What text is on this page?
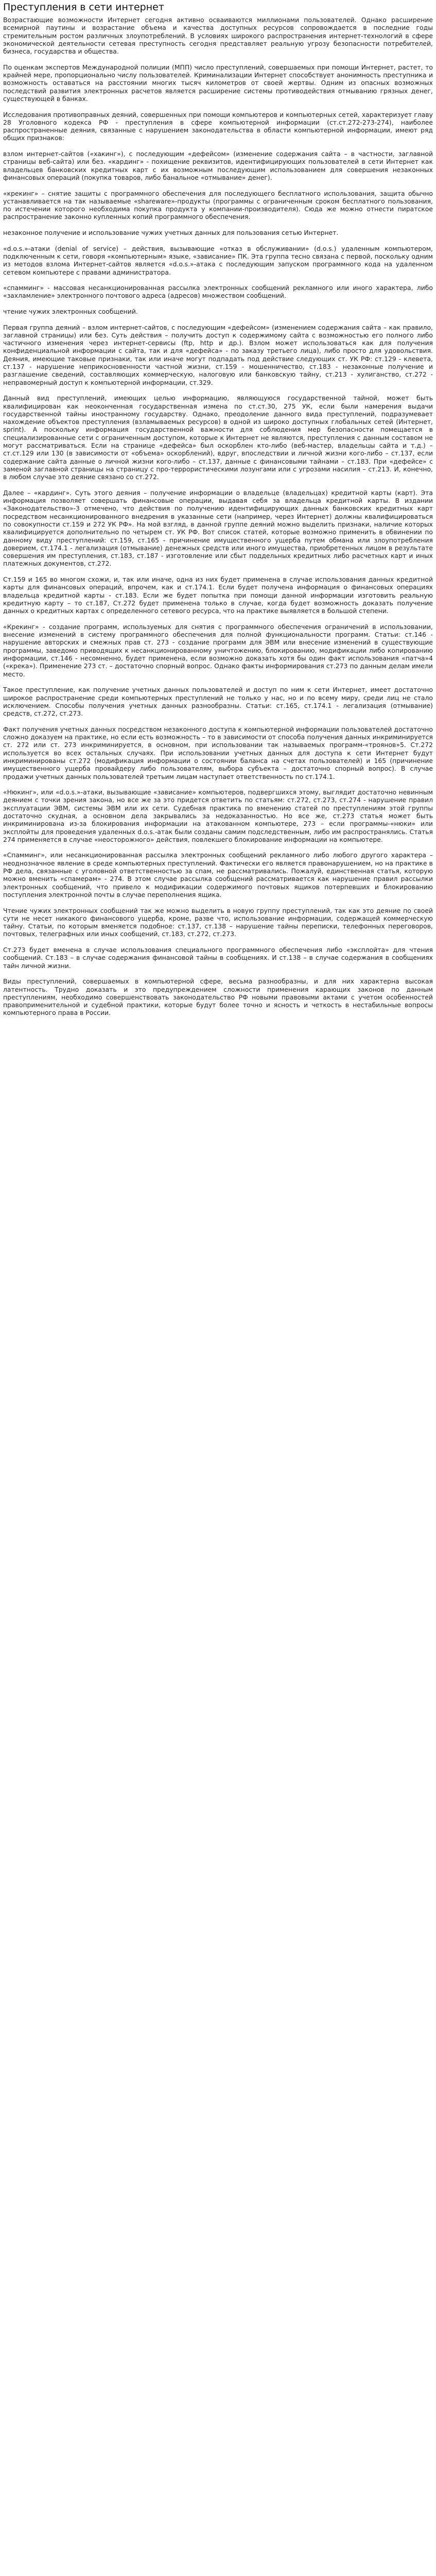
Преступления в сети интернет

Возрастающие возможности Интернет сегодня активно осваиваются миллионами пользователей. Однако расширение всемирной паутины и возрастание объема и качества доступных ресурсов сопровождается в последние годы стремительным ростом различных злоупотреблений. В условиях широкого распространения интернет-технологий в сфере экономической деятельности сетевая преступность сегодня представляет реальную угрозу безопасности потребителей, бизнеса, государства и общества.

По оценкам экспертов Международной полиции (МПП) число преступлений, совершаемых при помощи Интернет, растет, то крайней мере, пропорционально числу пользователей. Криминализации Интернет способствует анонимность преступника и возможность оставаться на расстоянии многих тысяч километров от своей жертвы. Одним из опасных возможных последствий развития электронных расчетов является расширение системы противодействия отмыванию грязных денег, существующей в банках.

Исследования противоправных деяний, совершенных при помощи компьютеров и компьютерных сетей, характеризует главу 28 Уголовного кодекса РФ - преступления в сфере компьютерной информации (ст.ст.272-273-274), наиболее распространенные деяния, связанные с нарушением законодательства в области компьютерной информации, имеют ряд общих признаков:

взлом интернет-сайтов («хакинг»), с последующим «дефейсом» (изменение содержания сайта – в частности, заглавной страницы веб-сайта) или без. «кардинг» - похищение реквизитов, идентифицирующих пользователей в сети Интернет как владельцев банковских кредитных карт с их возможным последующим использованием для совершения незаконных финансовых операций (покупка товаров, либо банальное «отмывание» денег).

«крекинг» – снятие защиты с программного обеспечения для последующего бесплатного использования, защита обычно устанавливается на так называемые «shareware»-продукты (программы с ограниченным сроком бесплатного пользования, по истечении которого необходима покупка продукта у компании-производителя). Сюда же можно отнести пиратское распространение законно купленных копий программного обеспечения.

незаконное получение и использование чужих учетных данных для пользования сетью Интернет.

«d.o.s.»-атаки (denial of service) – действия, вызывающие «отказ в обслуживании» (d.o.s.) удаленным компьютером, подключенным к сети, говоря «компьютерным» языке, «зависание» ПК. Эта группа тесно связана с первой, поскольку одним из методов взлома Интернет-сайтов является «d.o.s.»-атака с последующим запуском программного кода на удаленном сетевом компьютере с правами администратора.

«спамминг» - массовая несанкционированная рассылка электронных сообщений рекламного или иного характера, либо «захламление» электронного почтового адреса (адресов) множеством сообщений.

чтение чужих электронных сообщений.

Первая группа деяний – взлом интернет-сайтов, с последующим «дефейсом» (изменением содержания сайта – как правило, заглавной страницы) или без. Суть действия – получить доступ к содержимому сайта с возможностью его полного либо частичного изменения через интернет-сервисы (ftp, http и др.). Взлом может использоваться как для получения конфиденциальной информации с сайта, так и для «дефейса» - по заказу третьего лица), либо просто для удовольствия. Деяния, имеющие таковые признаки, так или иначе могут подпадать под действие следующих ст. УК РФ: ст.129 - клевета, ст.137 - нарушение неприкосновенности частной жизни, ст.159 - мошенничество, ст.183 - незаконные получение и разглашение сведений, составляющих коммерческую, налоговую или банковскую тайну, ст.213 - хулиганство, ст.272 - неправомерный доступ к компьютерной информации, ст.329.

Данный вид преступлений, имеющих целью информацию, являющуюся государственной тайной, может быть квалифицирован как неоконченная государственная измена по ст.ст.30, 275 УК, если были намерения выдачи государственной тайны иностранному государству. Однако, преодоление данного вида преступлений, подразумевает нахождение объектов преступления (взламываемых ресурсов) в одной из широко доступных глобальных сетей (Интернет, sprint). А поскольку информация государственной важности для соблюдения мер безопасности помещается в специализированные сети с ограниченным доступом, которые к Интернет не являются, преступления с данным составом не могут рассматриваться. Если на странице «дефейса» был оскорблен кто-либо (веб-мастер, владельцы сайта и т.д.) – ст.ст.129 или 130 (в зависимости от «объема» оскорблений), вдруг, впоследствии и личной жизни кого-либо – ст.137, если содержание сайта данные о личной жизни кого-либо – ст.137, данные с финансовыми тайнами – ст.183. При «дефейсе» с заменой заглавной страницы на страницу с про-террористическими лозунгами или с угрозами насилия – ст.213. И, конечно, в любом случае это деяние связано со ст.272.

Далее – «кардинг». Суть этого деяния – получение информации о владельце (владельцах) кредитной карты (карт). Эта информация позволяет совершать финансовые операции, выдавая себя за владельца кредитной карты. В издании «Законодательство»-3 отмечено, что действия по получению идентифицирующих данных банковских кредитных карт посредством несанкционированного внедрения в указанные сети (например, через Интернет) должны квалифицироваться по совокупности ст.159 и 272 УК РФ». На мой взгляд, в данной группе деяний можно выделить признаки, наличие которых квалифицируется дополнительно по четырем ст. УК РФ. Вот список статей, которые возможно применить в обвинении по данному виду преступлений: ст.159, ст.165 - причинение имущественного ущерба путем обмана или злоупотребления доверием, ст.174.1 - легализация (отмывание) денежных средств или иного имущества, приобретенных лицом в результате совершения им преступления, ст.183, ст.187 - изготовление или сбыт поддельных кредитных либо расчетных карт и иных платежных документов, ст.272.

Ст.159 и 165 во многом схожи, и, так или иначе, одна из них будет применена в случае использования данных кредитной карты для финансовых операций, впрочем, как и ст.174.1. Если будет получена информация о финансовых операциях владельца кредитной карты - ст.183. Если же будет попытка при помощи данной информации изготовить реальную кредитную карту – то ст.187, Ст.272 будет применена только в случае, когда будет возможность доказать получение данных о кредитных картах с определенного сетевого ресурса, что на практике выявляется в большой степени.

«Крекинг» - создание программ, используемых для снятия с программного обеспечения ограничений в использовании, внесение изменений в систему программного обеспечения для полной функциональности программ. Статьи: ст.146 - нарушение авторских и смежных прав ст. 273 - создание программ для ЭВМ или внесение изменений в существующие программы, заведомо приводящих к несанкционированному уничтожению, блокированию, модификации либо копированию информации, ст.146 - несомненно, будет применена, если возможно доказать хотя бы один факт использования «патча»4 («крека»). Применение 273 ст. – достаточно спорный вопрос. Однако факты информирования ст.273 по данным делам имели место.

Такое преступление, как получение учетных данных пользователей и доступ по ним к сети Интернет, имеет достаточно широкое распространение среди компьютерных преступлений не только у нас, но и по всему миру, среди лиц не стало исключением. Способы получения учетных данных разнообразны. Статьи: ст.165, ст.174.1 - легализация (отмывание) средств, ст.272, ст.273.

Факт получения учетных данных посредством незаконного доступа к компьютерной информации пользователей достаточно сложно доказуем на практике, но если есть возможность – то в зависимости от способа получения данных инкриминируется ст. 272 или ст. 273 инкриминируется, в основном, при использовании так называемых программ-«троянов»5. Ст.272 используется во всех остальных случаях. При использовании учетных данных для доступа к сети Интернет будут инкриминированы ст.272 (модификация информации о состоянии баланса на счетах пользователей) и 165 (причинение имущественного ущерба провайдеру либо пользователям, выбора субъекта – достаточно спорный вопрос). В случае продажи учетных данных пользователей третьим лицам наступает ответственность по ст.174.1.

«Нюкинг», или «d.o.s.»-атаки, вызывающие «зависание» компьютеров, подвергшихся этому, выглядит достаточно невинным деянием с точки зрения закона, но все же за это придется ответить по статьям: ст.272, ст.273, ст.274 - нарушение правил эксплуатации ЭВМ, системы ЭВМ или их сети. Судебная практика по вменению статей по преступлениям этой группы достаточно скудная, а основном дела закрывались за недоказанностью. Но все же, ст.273 статья может быть инкриминирована из-за блокирования информации на атакованном компьютере, 273 – если программы-«нюки» или эксплойты для проведения удаленных d.o.s.-атак были созданы самим подследственным, либо им распространялись. Статья 274 применяется в случае «неосторожного» действия, повлекшего блокирование информации на компьютере.

«Спамминг», или несанкционированная рассылка электронных сообщений рекламного либо любого другого характера – неоднозначное явление в среде компьютерных преступлений. Фактически его является правонарушением, но на практике в РФ дела, связанные с уголовной ответственностью за спам, не рассматривались. Пожалуй, единственная статья, которую можно вменить «спамерам» - 274. В этом случае рассылка сообщений рассматривается как нарушение правил рассылки электронных сообщений, что привело к модификации содержимого почтовых ящиков потерпевших и блокированию поступления электронной почты в случае переполнения ящика.

Чтение чужих электронных сообщений так же можно выделить в новую группу преступлений, так как это деяние по своей сути не несет никакого финансового ущерба, кроме, разве что, использование информации, содержащей коммерческую тайну. Статьи, по которым вменяется подобное: ст.137, ст.138 – нарушение тайны переписки, телефонных переговоров, почтовых, телеграфных или иных сообщений, ст.183, ст.272, ст.273.

Ст.273 будет вменена в случае использования специального программного обеспечения либо «эксплойта» для чтения сообщений. Ст.183 – в случае содержания финансовой тайны в сообщениях. И ст.138 – в случае содержания в сообщениях тайн личной жизни.

Виды преступлений, совершаемых в компьютерной сфере, весьма разнообразны, и для них характерна высокая латентность. Трудно доказать и это предупреждением сложности применения карающих законов по данным преступлениям, необходимо совершенствовать законодательство РФ новыми правовыми актами с учетом особенностей правоприменительной и судебной практики, которые будут более точно и ясность и четкость в нестабильные вопросы компьютерного права в России.
